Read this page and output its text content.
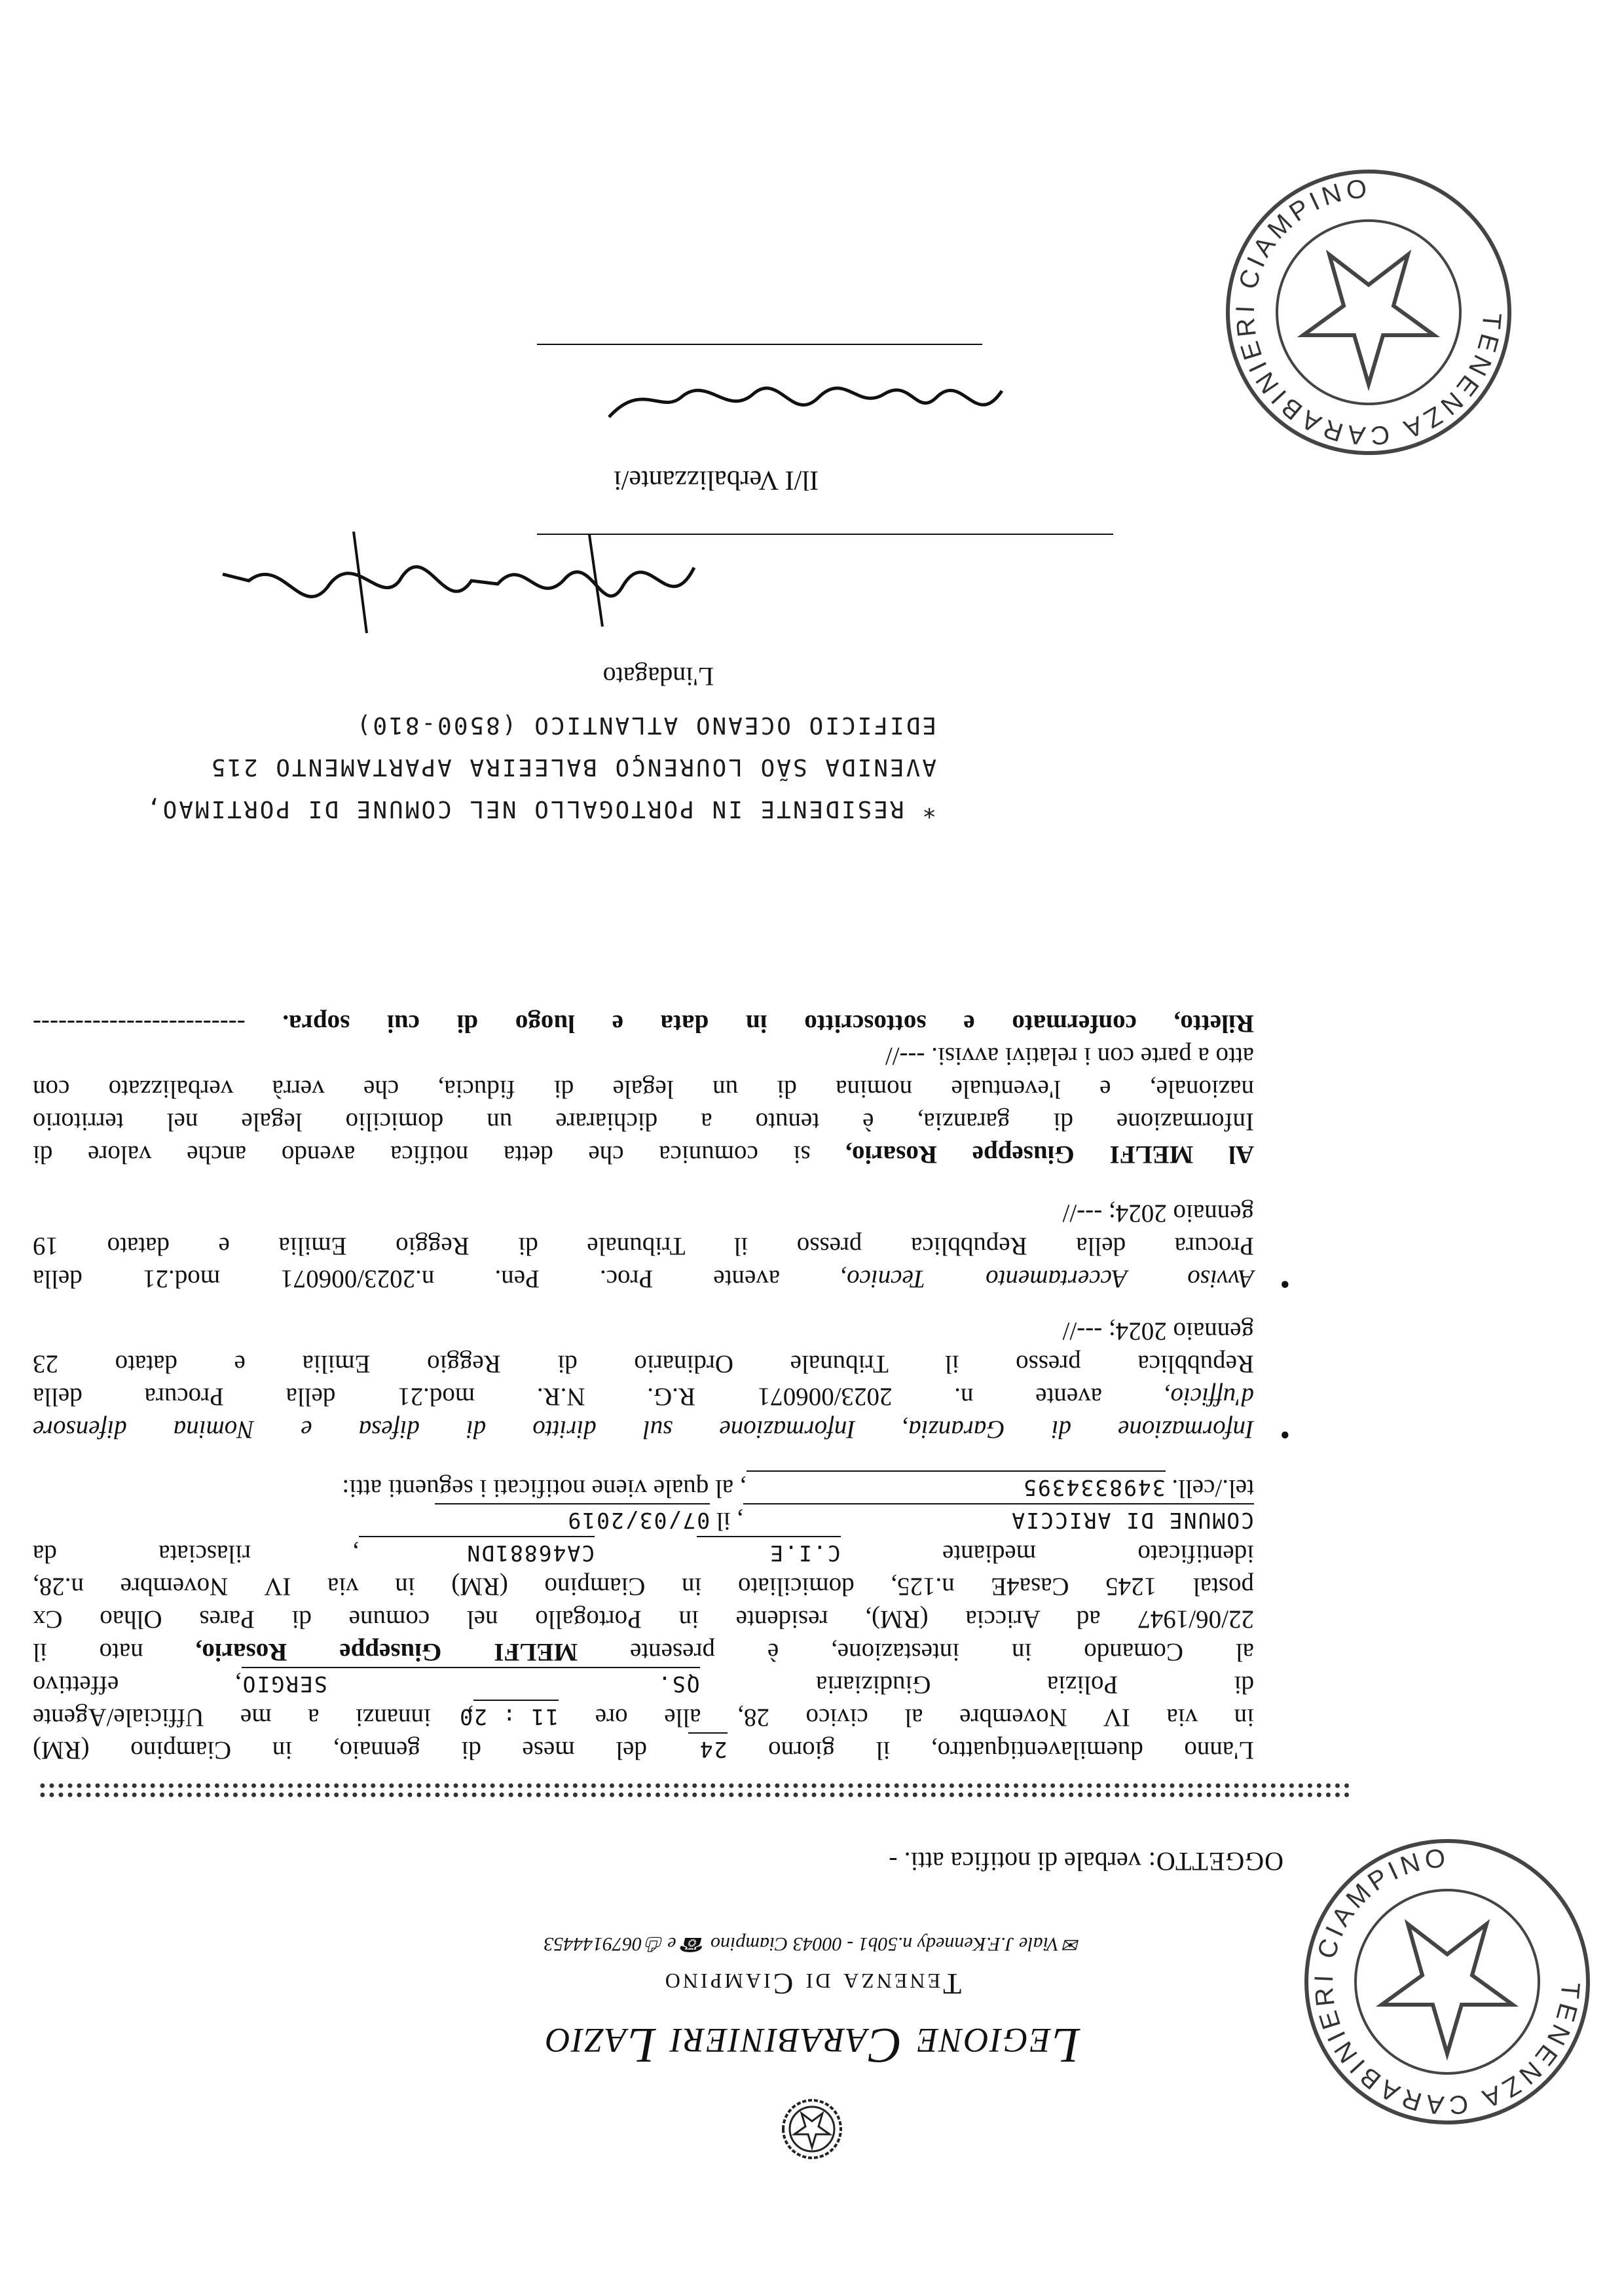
Legione Carabinieri Lazio
Tenenza di Ciampino
✉ Viale J.F.Kennedy n.50b1 - 00043 Ciampino ☎ e ⎙ 0679144453
OGGETTO: verbale di notifica atti. -
L'anno duemilaventiquattro, il giorno 24 del mese di gennaio, in Ciampino (RM)
in via IV Novembre al civico 28, alle ore 11 : 20, innanzi a me Ufficiale/Agente
di Polizia Giudiziaria QS. SERGIO, effettivo
al Comando in intestazione, è presente MELFI Giuseppe Rosario, nato il
22/06/1947 ad Ariccia (RM), residente in Portogallo nel comune di Pares Olhao Cx
postal 1245 Casa4E n.125, domiciliato in Ciampino (RM) in via IV Novembre n.28,
identificato mediante C.I.E CA46881DN, rilasciata da
COMUNE DI ARICCIA, il 07/03/2019
tel./cell. 3498334395, al quale viene notificati i seguenti atti:
•
Informazione di Garanzia, Informazione sul diritto di difesa e Nomina difensore
d'ufficio, avente n. 2023/006071 R.G. N.R. mod.21 della Procura della
Repubblica presso il Tribunale Ordinario di Reggio Emilia e datato 23
gennaio 2024; ---//
•
Avviso Accertamento Tecnico, avente Proc. Pen. n.2023/006071 mod.21 della
Procura della Repubblica presso il Tribunale di Reggio Emilia e datato 19
gennaio 2024; ---//
Al MELFI Giuseppe Rosario, si comunica che detta notifica avendo anche valore di
Informazione di garanzia, è tenuto a dichiarare un domicilio legale nel territorio
nazionale, e l'eventuale nomina di un legale di fiducia, che verrà verbalizzato con
atto a parte con i relativi avvisi. ---//
Riletto, confermato e sottoscritto in data e luogo di cui sopra. -------------------------
* RESIDENTE IN PORTOGALLO NEL COMUNE DI PORTIMAO,
AVENIDA SÃO LOURENÇO BALEEIRA APARTAMENTO 215
EDIFICIO OCEANO ATLANTICO (8500-810)
L'indagato
Il/I Verbalizzante/i
TENENZA CARABINIERI CIAMPINO
TENENZA CARABINIERI CIAMPINO
